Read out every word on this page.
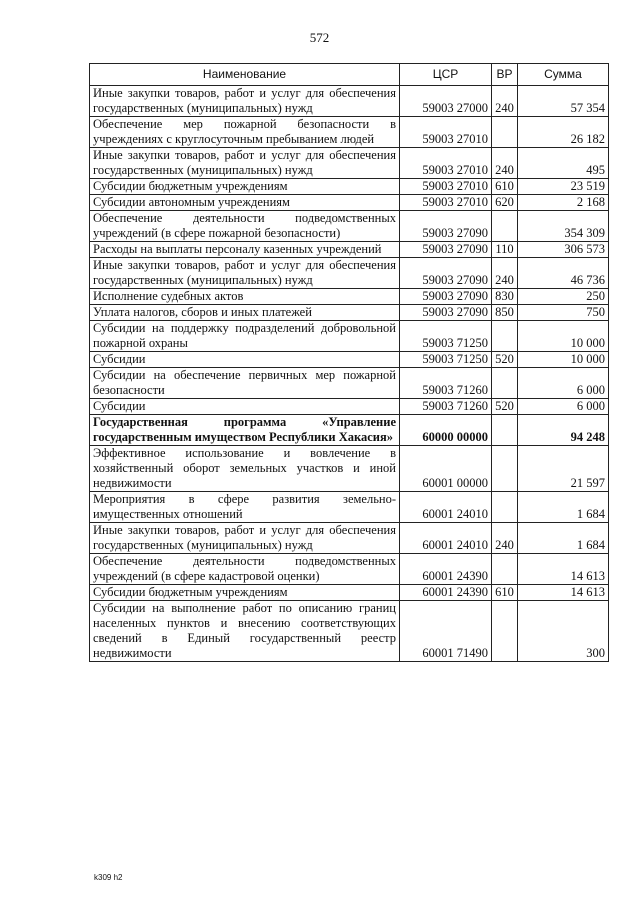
572
Наименование	ЦСР	ВР	Сумма
Иные закупки товаров, работ и услуг для обеспечения государственных (муниципальных) нужд	59003 27000	240	57 354
Обеспечение мер пожарной безопасности в учреждениях с круглосуточным пребыванием людей	59003 27010		26 182
Иные закупки товаров, работ и услуг для обеспечения государственных (муниципальных) нужд	59003 27010	240	495
Субсидии бюджетным учреждениям	59003 27010	610	23 519
Субсидии автономным учреждениям	59003 27010	620	2 168
Обеспечение деятельности подведомственных учреждений (в сфере пожарной безопасности)	59003 27090		354 309
Расходы на выплаты персоналу казенных учреждений	59003 27090	110	306 573
Иные закупки товаров, работ и услуг для обеспечения государственных (муниципальных) нужд	59003 27090	240	46 736
Исполнение судебных актов	59003 27090	830	250
Уплата налогов, сборов и иных платежей	59003 27090	850	750
Субсидии на поддержку подразделений добровольной пожарной охраны	59003 71250		10 000
Субсидии	59003 71250	520	10 000
Субсидии на обеспечение первичных мер пожарной безопасности	59003 71260		6 000
Субсидии	59003 71260	520	6 000
Государственная программа «Управление государственным имуществом Республики Хакасия»	60000 00000		94 248
Эффективное использование и вовлечение в хозяйственный оборот земельных участков и иной недвижимости	60001 00000		21 597
Мероприятия в сфере развития земельно-имущественных отношений	60001 24010		1 684
Иные закупки товаров, работ и услуг для обеспечения государственных (муниципальных) нужд	60001 24010	240	1 684
Обеспечение деятельности подведомственных учреждений (в сфере кадастровой оценки)	60001 24390		14 613
Субсидии бюджетным учреждениям	60001 24390	610	14 613
Субсидии на выполнение работ по описанию границ населенных пунктов и внесению соответствующих сведений в Единый государственный реестр недвижимости	60001 71490		300
k309 h2
